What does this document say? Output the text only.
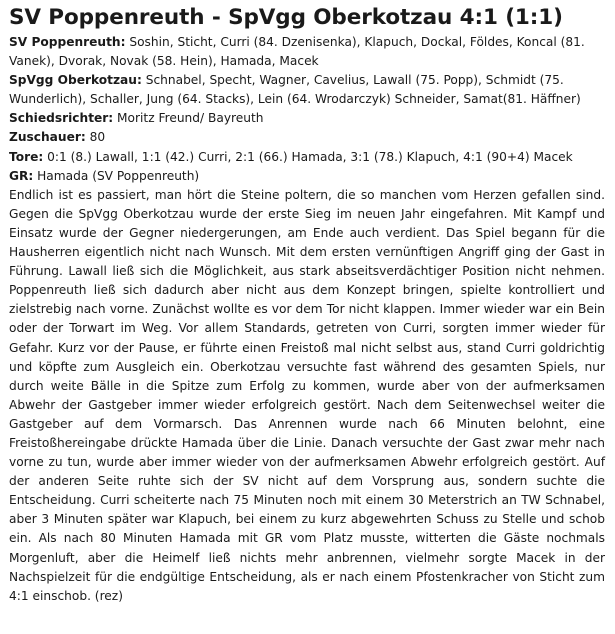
SV Poppenreuth - SpVgg Oberkotzau 4:1 (1:1)

SV Poppenreuth: Soshin, Sticht, Curri (84. Dzenisenka), Klapuch, Dockal, Földes, Koncal (81. Vanek), Dvorak, Novak (58. Hein), Hamada, Macek

SpVgg Oberkotzau: Schnabel, Specht, Wagner, Cavelius, Lawall (75. Popp), Schmidt (75. Wunderlich), Schaller, Jung (64. Stacks), Lein (64. Wrodarczyk) Schneider, Samat(81. Häffner)

Schiedsrichter: Moritz Freund/ Bayreuth

Zuschauer: 80

Tore: 0:1 (8.) Lawall, 1:1 (42.) Curri, 2:1 (66.) Hamada, 3:1 (78.) Klapuch, 4:1 (90+4) Macek

GR: Hamada (SV Poppenreuth)

Endlich ist es passiert, man hört die Steine poltern, die so manchen vom Herzen gefallen sind. Gegen die SpVgg Oberkotzau wurde der erste Sieg im neuen Jahr eingefahren. Mit Kampf und Einsatz wurde der Gegner niedergerungen, am Ende auch verdient. Das Spiel begann für die Hausherren eigentlich nicht nach Wunsch. Mit dem ersten vernünftigen Angriff ging der Gast in Führung. Lawall ließ sich die Möglichkeit, aus stark abseitsverdächtiger Position nicht nehmen. Poppenreuth ließ sich dadurch aber nicht aus dem Konzept bringen, spielte kontrolliert und zielstrebig nach vorne. Zunächst wollte es vor dem Tor nicht klappen. Immer wieder war ein Bein oder der Torwart im Weg. Vor allem Standards, getreten von Curri, sorgten immer wieder für Gefahr. Kurz vor der Pause, er führte einen Freistoß mal nicht selbst aus, stand Curri goldrichtig und köpfte zum Ausgleich ein. Oberkotzau versuchte fast während des gesamten Spiels, nur durch weite Bälle in die Spitze zum Erfolg zu kommen, wurde aber von der aufmerksamen Abwehr der Gastgeber immer wieder erfolgreich gestört. Nach dem Seitenwechsel weiter die Gastgeber auf dem Vormarsch. Das Anrennen wurde nach 66 Minuten belohnt, eine Freistoßhereingabe drückte Hamada über die Linie. Danach versuchte der Gast zwar mehr nach vorne zu tun, wurde aber immer wieder von der aufmerksamen Abwehr erfolgreich gestört. Auf der anderen Seite ruhte sich der SV nicht auf dem Vorsprung aus, sondern suchte die Entscheidung. Curri scheiterte nach 75 Minuten noch mit einem 30 Meterstrich an TW Schnabel, aber 3 Minuten später war Klapuch, bei einem zu kurz abgewehrten Schuss zu Stelle und schob ein. Als nach 80 Minuten Hamada mit GR vom Platz musste, witterten die Gäste nochmals Morgenluft, aber die Heimelf ließ nichts mehr anbrennen, vielmehr sorgte Macek in der Nachspielzeit für die endgültige Entscheidung, als er nach einem Pfostenkracher von Sticht zum 4:1 einschob. (rez)
